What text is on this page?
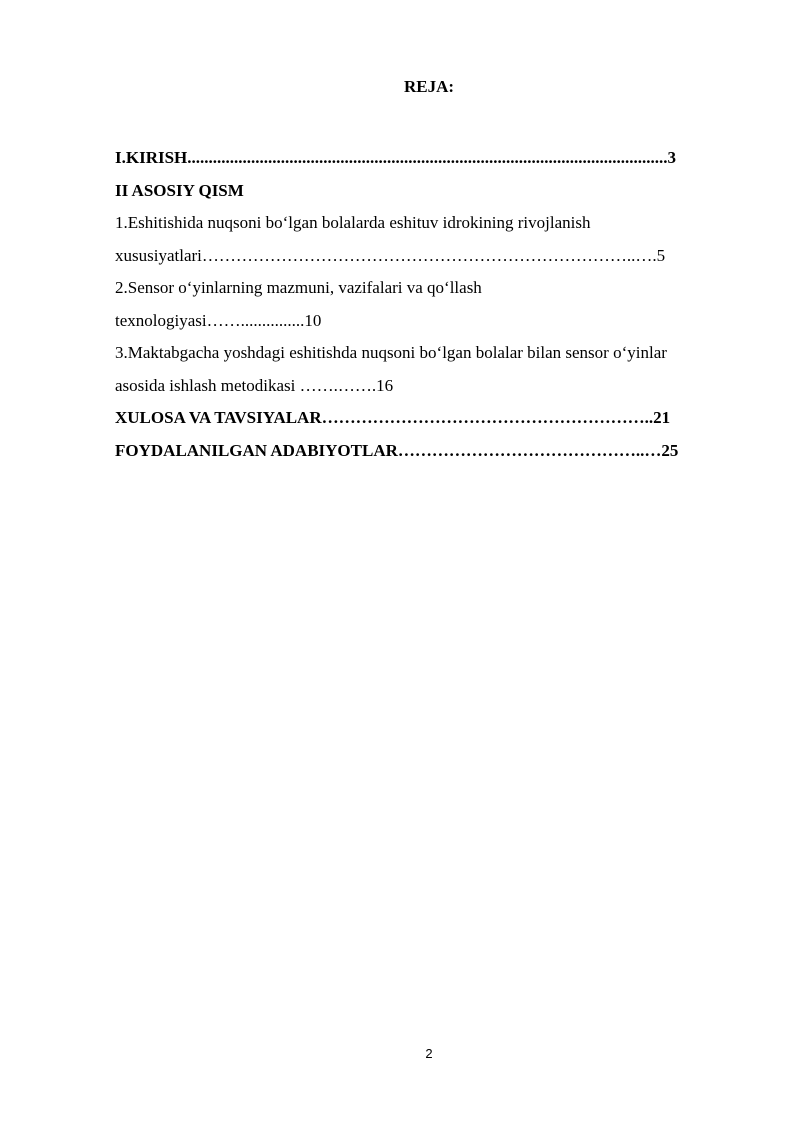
REJA:
I.KIRISH.................................................................................................................3
II ASOSIY QISM
1.Eshitishida nuqsoni bo‘lgan bolalarda eshituv idrokining rivojlanish
xususiyatlari…………………………………………………………………..….5
2.Sensor o‘yinlarning mazmuni, vazifalari va qo‘llash
texnologiyasi……...............10
3.Maktabgacha yoshdagi eshitishda nuqsoni bo‘lgan bolalar bilan sensor o‘yinlar
asosida ishlash metodikasi …….…….16
XULOSA VA TAVSIYALAR…………………………………………………..21
FOYDALANILGAN ADABIYOTLAR……………………………………..…25
2
